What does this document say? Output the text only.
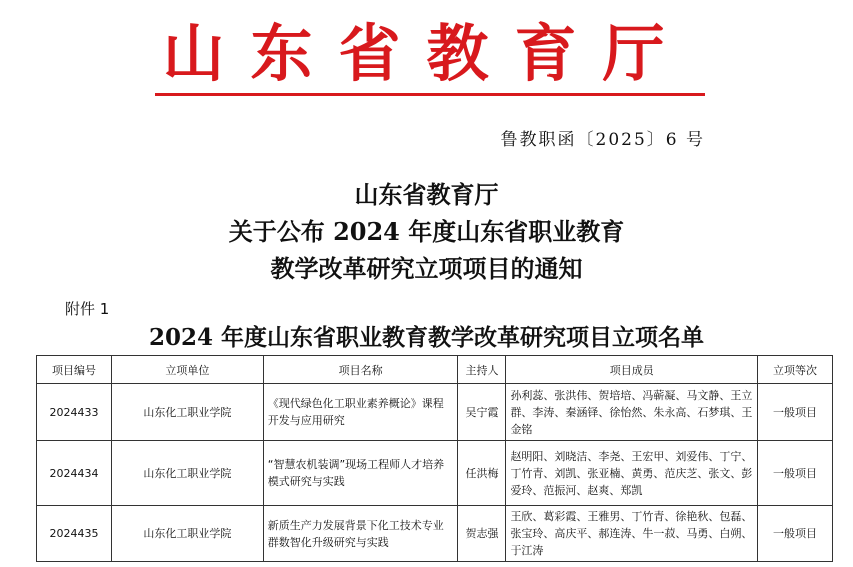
山东省教育厅
鲁教职函〔2025〕6 号
山东省教育厅
关于公布 2024 年度山东省职业教育
教学改革研究立项项目的通知
附件 1
2024 年度山东省职业教育教学改革研究项目立项名单
项目编号	立项单位	项目名称	主持人	项目成员	立项等次
2024433	山东化工职业学院	《现代绿色化工职业素养概论》课程开发与应用研究	吴宁霞	孙利蕊、张洪伟、贺培培、冯蕲凝、马文静、王立群、李涛、秦涵铎、徐怡然、朱永高、石梦琪、王金铭	一般项目
2024434	山东化工职业学院	“智慧农机装调”现场工程师人才培养模式研究与实践	任洪梅	赵明阳、刘晓洁、李尧、王宏甲、刘爱伟、丁宁、丁竹青、刘凯、张亚楠、黄勇、范庆芝、张文、彭爱玲、范振河、赵爽、郑凯	一般项目
2024435	山东化工职业学院	新质生产力发展背景下化工技术专业群数智化升级研究与实践	贺志强	王欣、葛彩霞、王雅男、丁竹青、徐艳秋、包磊、张宝玲、高庆平、郝连涛、牛一菽、马勇、白朔、于江涛	一般项目
